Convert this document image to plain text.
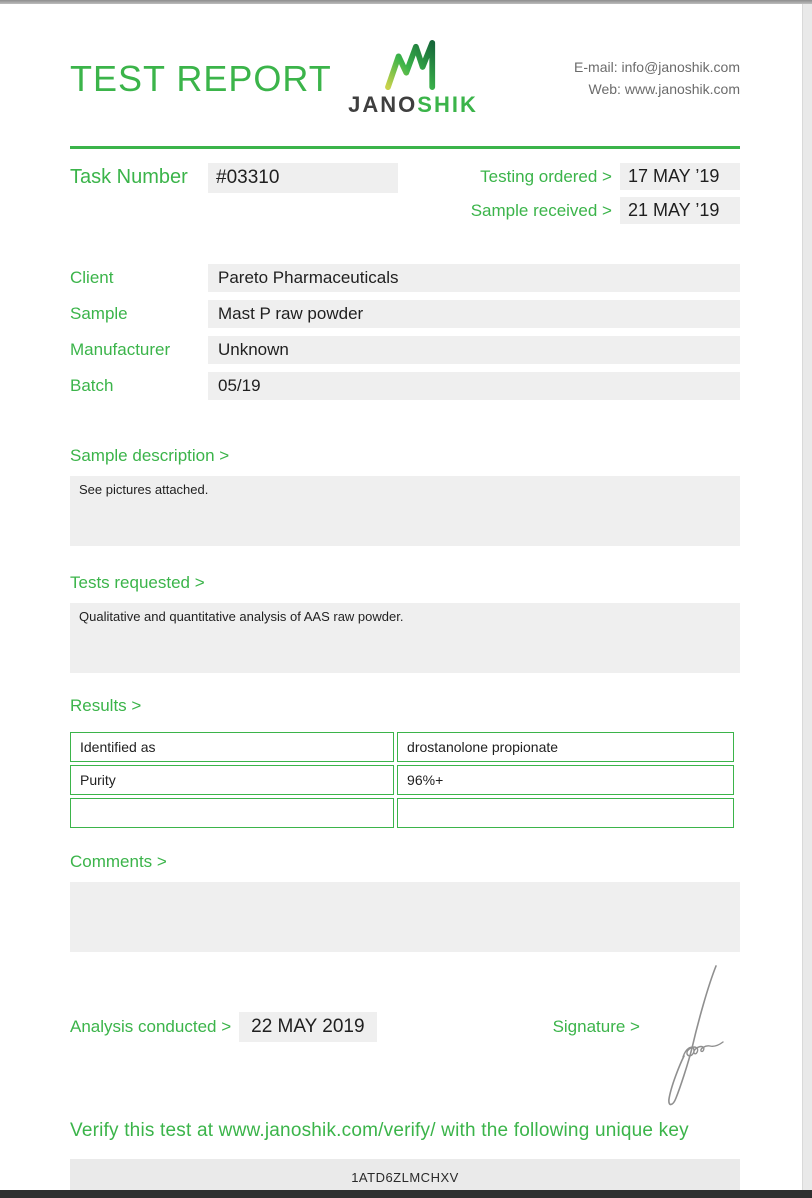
TEST REPORT
JANOSHIK
E-mail: info@janoshik.com
Web: www.janoshik.com
Task Number	#03310	Testing ordered > 17 MAY ’19
Sample received > 21 MAY ’19
Client	Pareto Pharmaceuticals
Sample	Mast P raw powder
Manufacturer	Unknown
Batch	05/19
Sample description >
See pictures attached.
Tests requested >
Qualitative and quantitative analysis of AAS raw powder.
Results >
Identified as	drostanolone propionate
Purity	96%+

Comments >
Analysis conducted >	22 MAY 2019	Signature >
Verify this test at www.janoshik.com/verify/ with the following unique key
1ATD6ZLMCHXV
